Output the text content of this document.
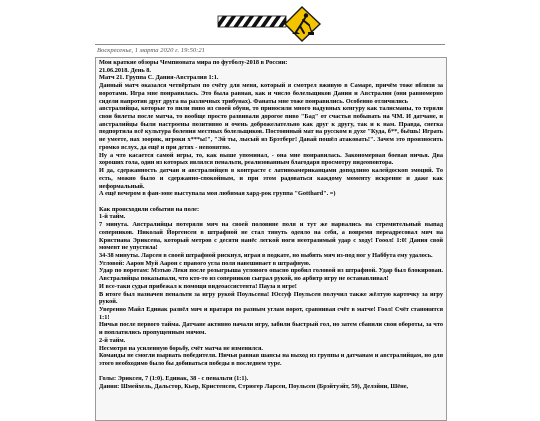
Воскресенье, 1 марта 2020 г. 19:50:21
Мои краткие обзоры Чемпионата мира по футболу-2018 в России:
21.06.2018. День 8.
Матч 21. Группа С. Дания-Австралия 1:1.
Данный матч оказался четвёртым по счёту для меня, который я смотрел вживую в Самаре, причём тоже вблизи за воротами. Игра мне понравилась. Это была равная, как и число болельщиков Дании и Австралии (они равномерно сидели напротив друг друга на различных трибунах). Фанаты мне тоже понравились. Особенно отличились
австралийцы, которые то пили пиво из своей обуви, то приносили много надувных кенгуру как талисманы, то теряли свои билеты после матча, то вообще просто развивали дорогое пиво "Бад" от счастья побывать на ЧМ. И датчане, и австралийцы были настроены позитивно и очень доброжелательно как друг к другу, так и к нам. Правда, снегка подпортила всё культура боления местных болельщиков. Постоянный мат на русском в духе "Куда, б**, бьёшь! Играть не умеете, нах зоорик, игроки х***ы!", "Эй ты, лысый из Брэтберг! Давай пошёл атаковать!". Зачем это произносить громко вслух, да ещё и при детях - непонятно.
Ну а что касается самой игры, то, как выше упоминал, - она мне понравилась. Закономерная боевая ничья. Два хороших гола, один из которых являлся пенальти, реализованным благодаря просмотру видеоповтора.
И да, сдержанность датчан и австралийцев в контрасте с латиноамериканцами доподлино калейдоскоп эмоций. То есть, можно было и сдержанно-спокойным, и при этом радоваться каждому моменту искренне и даже как неформальный.
А ещё вечером в фан-зоне выступала моя любимая хард-рок группа "Gotthard". =)
Как происходили события на поле:
1-й тайм.
7 минута. Австралийцы потеряли мяч на своей половине поля и тут же нарвались на стремительный выпад соперников. Николай Йоргенсен в штрафной не стал тянуть одеяло на себя, а вовремя переадресовал мяч на Кристиана Эриксена, который метров с десяти нанёс легкой ноги неотразимый удар с ходу! Гооол! 1:0! Дания свой момент не упустила!
34-38 минуты. Ларсен в своей штрафной рискнул, играя в подкате, но выбить мяч из-под ног у Наббута ему удалось.
Угловой: Аарон Муй Аарон с правого угла поля навешивает в штрафную.
Удар по воротам: Мэтью Леки после розыгрыша углового опасно пробил головой из штрафной. Удар был блокирован. Австралийцы показывали, что кто-то из соперников сыграл рукой, но арбитр игру не останавливал!
И все-таки судья прибежал к помощи видеоассистента! Пауза в игре!
В итоге был назначен пенальти за игру рукой Поульсена! Юссуф Поульсен получил также жёлтую карточку за игру рукой.
Уверенно Майл Едииак развёл мяч и вратаря по разным углам ворот, сравнивая счёт в матче! Гоол! Счёт становится 1:1!
Ничья после первого тайма. Датчане активно начали игру, забили быстрый гол, но затем сбавили свои обороты, за что и поплатились пропущенным мячом.
2-й тайм.
Несмотря на усиленную борьбу, счёт матча не изменился.
Команды не смогли вырвать победителя. Ничья равная шансы на выход из группы и датчанам и австралийцам, но для этого необходимо было бы добиваться победы в последнем туре.
Голы: Эриксен, 7 (1:0). Едииак, 38 - с пенальти (1:1).
Дания: Шмейхель, Дальстор, Кьер, Кристенсен, Стрюгер Ларсен, Поульсен (Брэйтуэйт, 59), Делэйни, Шёне,
